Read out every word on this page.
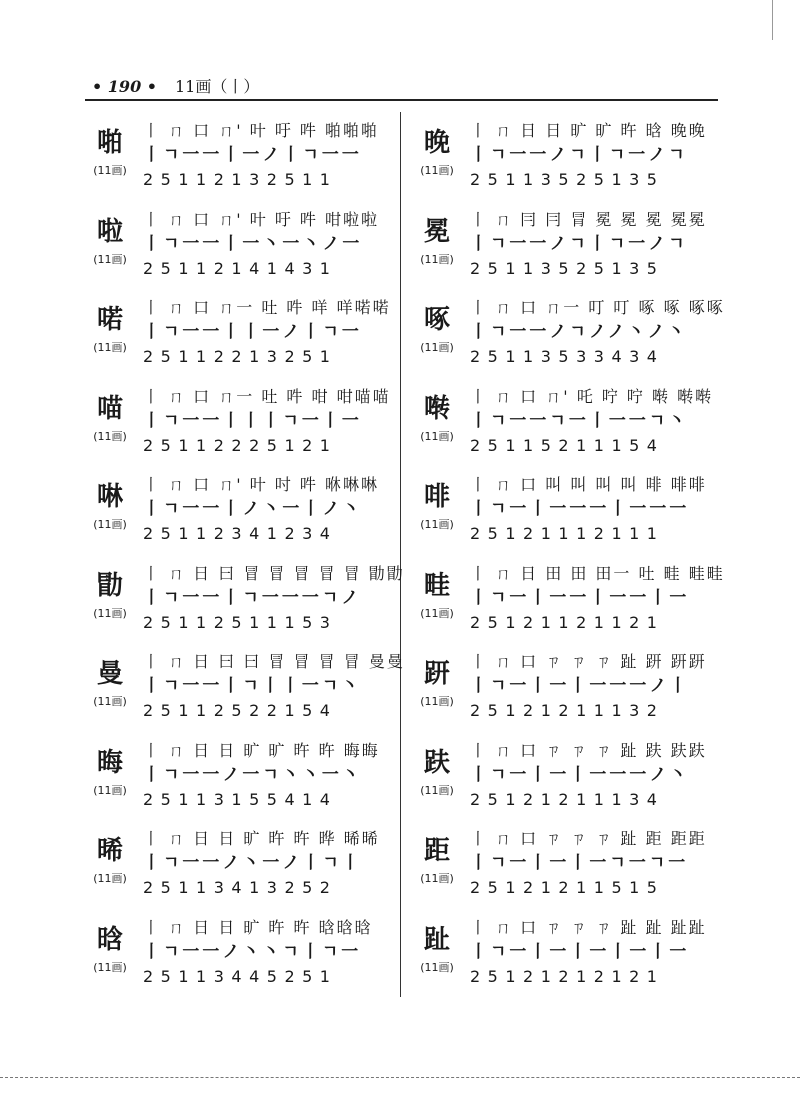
• 190 • 11画（丨）
啪
(11画)
丨 ㄇ 口 ㄇ' 叶 吁 吽 啪啪啪
丨ㄱ一一丨一ノ丨ㄱ一一
25112132511
啦
(11画)
丨 ㄇ 口 ㄇ' 叶 吁 吽 咁啦啦
丨ㄱ一一丨一丶一丶ノ一
25112141431
喏
(11画)
丨 ㄇ 口 ㄇ一 吐 吽 咩 咩喏喏
丨ㄱ一一丨丨一ノ丨ㄱ一
25112213251
喵
(11画)
丨 ㄇ 口 ㄇ一 吐 吽 咁 咁喵喵
丨ㄱ一一丨丨丨ㄱ一丨一
25112225121
啉
(11画)
丨 ㄇ 口 ㄇ' 叶 吋 吽 咻啉啉
丨ㄱ一一丨ノ丶一丨ノ丶
25112341234
勖
(11画)
丨 ㄇ 日 曰 冒 冒 冒 冒 冒 勖勖
丨ㄱ一一丨ㄱ一一一ㄱノ
25112511153
曼
(11画)
丨 ㄇ 日 曰 曰 冒 冒 冒 冒 曼曼
丨ㄱ一一丨ㄱ丨丨一ㄱ丶
25112522154
晦
(11画)
丨 ㄇ 日 日 旷 旷 旿 旿 晦晦
丨ㄱ一一ノ一ㄱ丶丶一丶
25113155414
晞
(11画)
丨 ㄇ 日 日 旷 旿 旿 晔 晞晞
丨ㄱ一一ノ丶一ノ丨ㄱ丨
25113413252
晗
(11画)
丨 ㄇ 日 日 旷 旿 旿 晗晗晗
丨ㄱ一一ノ丶丶ㄱ丨ㄱ一
25113445251
晚
(11画)
丨 ㄇ 日 日 旷 旷 旿 晗 晚晚
丨ㄱ一一ノㄱ丨ㄱ一ノㄱ
25113525135
冕
(11画)
丨 ㄇ 冃 冃 冐 冕 冕 冕 冕冕
丨ㄱ一一ノㄱ丨ㄱ一ノㄱ
25113525135
啄
(11画)
丨 ㄇ 口 ㄇ一 叮 叮 啄 啄 啄啄
丨ㄱ一一ノㄱノノ丶ノ丶
25113533434
啭
(11画)
丨 ㄇ 口 ㄇ' 吒 咛 咛 啭 啭啭
丨ㄱ一一ㄱ一丨一一ㄱ丶
25115211154
啡
(11画)
丨 ㄇ 口 叫 叫 叫 叫 啡 啡啡
丨ㄱ一丨一一一丨一一一
25121112111
畦
(11画)
丨 ㄇ 日 田 田 田一 吐 畦 畦畦
丨ㄱ一丨一一丨一一丨一
25121121121
趼
(11画)
丨 ㄇ 口 ㄗ ㄗ ㄗ 趾 趼 趼趼
丨ㄱ一丨一丨一一一ノ丨
25121211132
趺
(11画)
丨 ㄇ 口 ㄗ ㄗ ㄗ 趾 趺 趺趺
丨ㄱ一丨一丨一一一ノ丶
25121211134
距
(11画)
丨 ㄇ 口 ㄗ ㄗ ㄗ 趾 距 距距
丨ㄱ一丨一丨一ㄱ一ㄱ一
25121211515
趾
(11画)
丨 ㄇ 口 ㄗ ㄗ ㄗ 趾 趾 趾趾
丨ㄱ一丨一丨一丨一丨一
25121212121
